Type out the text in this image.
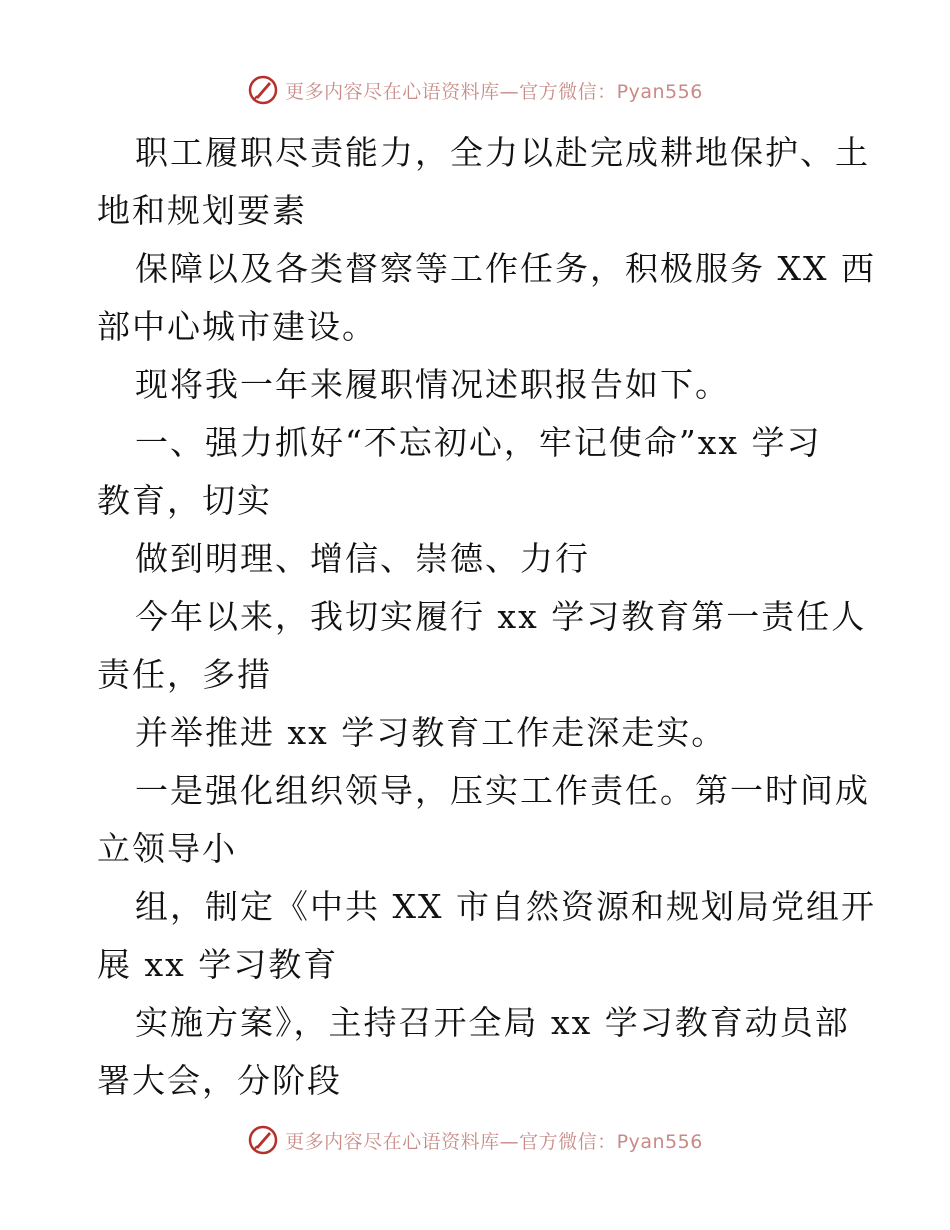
更多内容尽在心语资料库—官方微信：Pyan556
职工履职尽责能力，全力以赴完成耕地保护、土
地和规划要素
保障以及各类督察等工作任务，积极服务 XX 西
部中心城市建设。
现将我一年来履职情况述职报告如下。
一、强力抓好“不忘初心，牢记使命”xx 学习
教育，切实
做到明理、增信、崇德、力行
今年以来，我切实履行 xx 学习教育第一责任人
责任，多措
并举推进 xx 学习教育工作走深走实。
一是强化组织领导，压实工作责任。第一时间成
立领导小
组，制定《中共 XX 市自然资源和规划局党组开
展 xx 学习教育
实施方案》，主持召开全局 xx 学习教育动员部
署大会，分阶段
更多内容尽在心语资料库—官方微信：Pyan556
